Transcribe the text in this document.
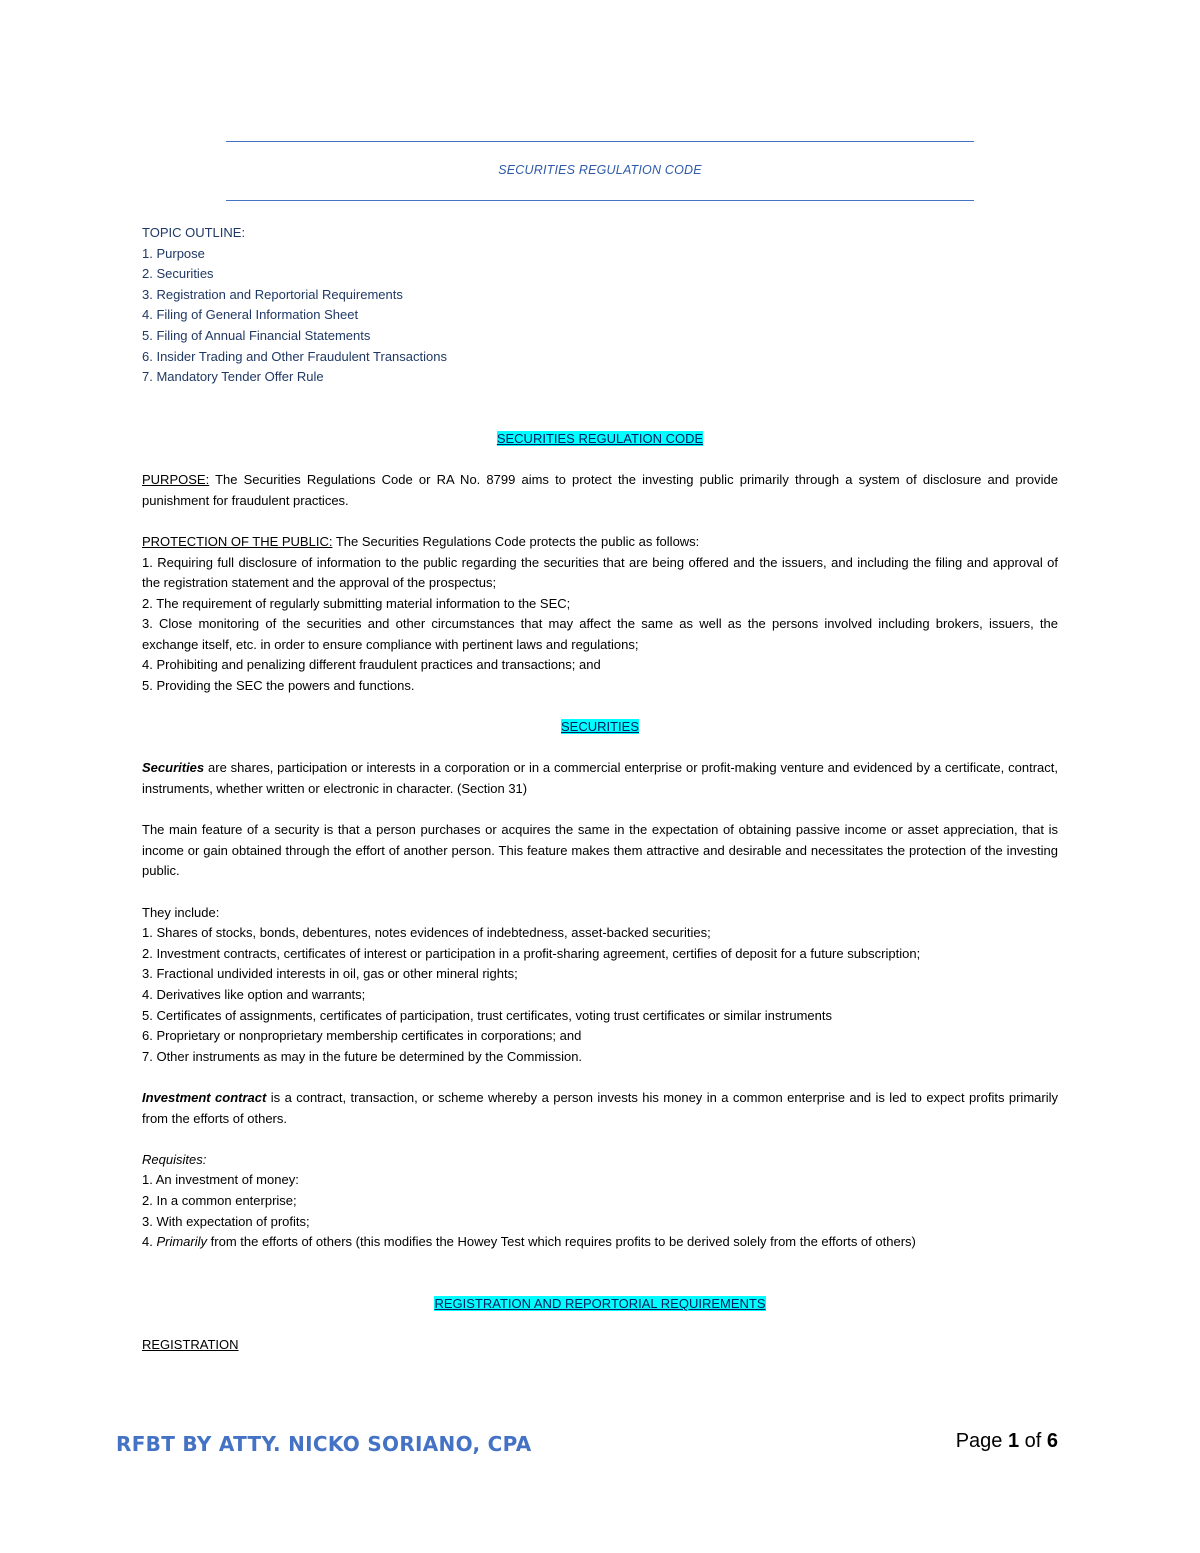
SECURITIES REGULATION CODE

TOPIC OUTLINE:

1. Purpose

2. Securities

3. Registration and Reportorial Requirements

4. Filing of General Information Sheet

5. Filing of Annual Financial Statements

6. Insider Trading and Other Fraudulent Transactions

7. Mandatory Tender Offer Rule

SECURITIES REGULATION CODE

PURPOSE: The Securities Regulations Code or RA No. 8799 aims to protect the investing public primarily through a system of disclosure and provide punishment for fraudulent practices.

PROTECTION OF THE PUBLIC: The Securities Regulations Code protects the public as follows:

1. Requiring full disclosure of information to the public regarding the securities that are being offered and the issuers, and including the filing and approval of the registration statement and the approval of the prospectus;

2. The requirement of regularly submitting material information to the SEC;

3. Close monitoring of the securities and other circumstances that may affect the same as well as the persons involved including brokers, issuers, the exchange itself, etc. in order to ensure compliance with pertinent laws and regulations;

4. Prohibiting and penalizing different fraudulent practices and transactions; and

5. Providing the SEC the powers and functions.

SECURITIES

Securities are shares, participation or interests in a corporation or in a commercial enterprise or profit-making venture and evidenced by a certificate, contract, instruments, whether written or electronic in character. (Section 31)

The main feature of a security is that a person purchases or acquires the same in the expectation of obtaining passive income or asset appreciation, that is income or gain obtained through the effort of another person. This feature makes them attractive and desirable and necessitates the protection of the investing public.

They include:

1. Shares of stocks, bonds, debentures, notes evidences of indebtedness, asset-backed securities;

2. Investment contracts, certificates of interest or participation in a profit-sharing agreement, certifies of deposit for a future subscription;

3. Fractional undivided interests in oil, gas or other mineral rights;

4. Derivatives like option and warrants;

5. Certificates of assignments, certificates of participation, trust certificates, voting trust certificates or similar instruments

6. Proprietary or nonproprietary membership certificates in corporations; and

7. Other instruments as may in the future be determined by the Commission.

Investment contract is a contract, transaction, or scheme whereby a person invests his money in a common enterprise and is led to expect profits primarily from the efforts of others.

Requisites:

1. An investment of money:

2. In a common enterprise;

3. With expectation of profits;

4. Primarily from the efforts of others (this modifies the Howey Test which requires profits to be derived solely from the efforts of others)

REGISTRATION AND REPORTORIAL REQUIREMENTS

REGISTRATION

RFBT BY ATTY. NICKO SORIANO, CPA	Page 1 of 6
